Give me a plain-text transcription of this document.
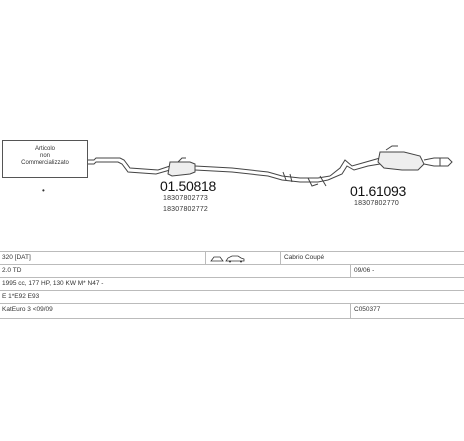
Articolo
non
Commercializzato
•	01.50818
18307802773
18307802772
01.61093
18307802770
320 [DAT]	Cabrio Coupé
2.0 TD	09/06 -
1995 cc, 177 HP, 130 KW M* N47 -
E 1*E92 E93
KatEuro 3 <09/09	C050377
